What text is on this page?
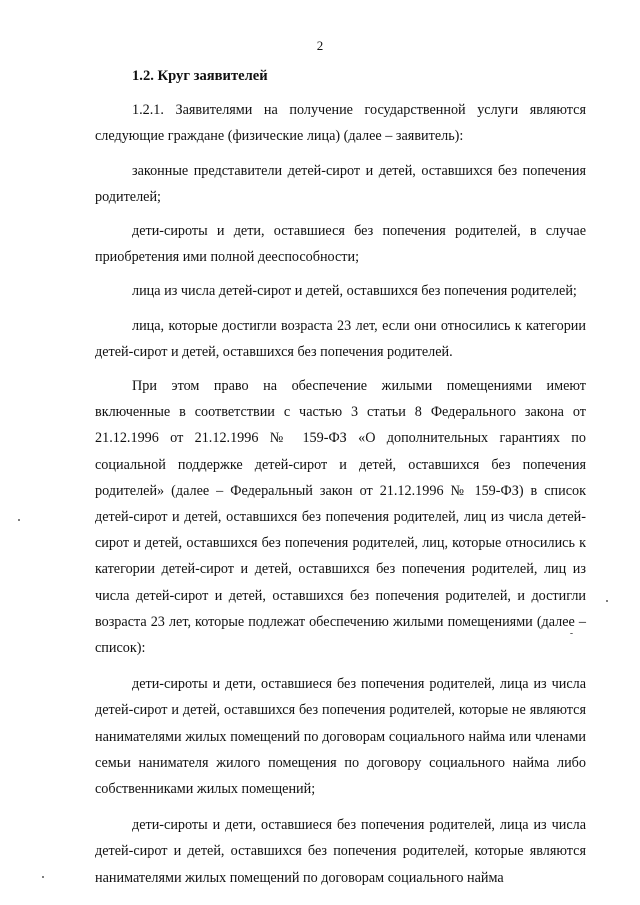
2

1.2. Круг заявителей

1.2.1. Заявителями на получение государственной услуги являются следующие граждане (физические лица) (далее – заявитель):

законные представители детей-сирот и детей, оставшихся без попечения родителей;

дети-сироты и дети, оставшиеся без попечения родителей, в случае приобретения ими полной дееспособности;

лица из числа детей-сирот и детей, оставшихся без попечения родителей;

лица, которые достигли возраста 23 лет, если они относились к категории детей-сирот и детей, оставшихся без попечения родителей.

При этом право на обеспечение жилыми помещениями имеют включенные в соответствии с частью 3 статьи 8 Федерального закона от 21.12.1996 от 21.12.1996 № 159-ФЗ «О дополнительных гарантиях по социальной поддержке детей-сирот и детей, оставшихся без попечения родителей» (далее – Федеральный закон от 21.12.1996 № 159-ФЗ) в список детей-сирот и детей, оставшихся без попечения родителей, лиц из числа детей-сирот и детей, оставшихся без попечения родителей, лиц, которые относились к категории детей-сирот и детей, оставшихся без попечения родителей, лиц из числа детей-сирот и детей, оставшихся без попечения родителей, и достигли возраста 23 лет, которые подлежат обеспечению жилыми помещениями (далее – список):

дети-сироты и дети, оставшиеся без попечения родителей, лица из числа детей-сирот и детей, оставшихся без попечения родителей, которые не являются нанимателями жилых помещений по договорам социального найма или членами семьи нанимателя жилого помещения по договору социального найма либо собственниками жилых помещений;

дети-сироты и дети, оставшиеся без попечения родителей, лица из числа детей-сирот и детей, оставшихся без попечения родителей, которые являются нанимателями жилых помещений по договорам социального найма
